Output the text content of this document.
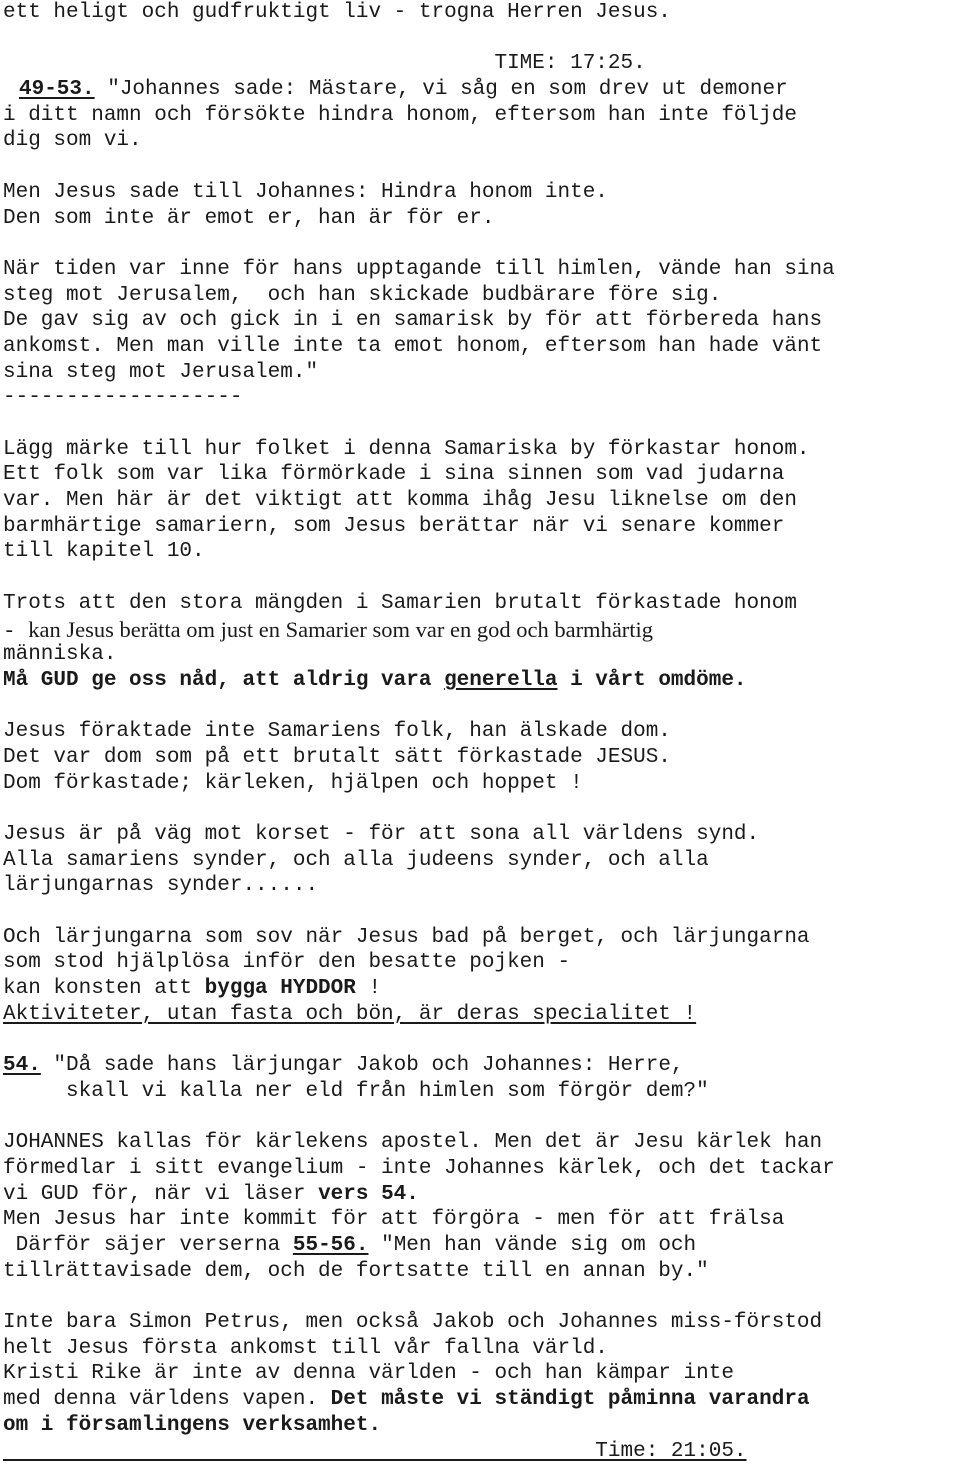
ett heligt och gudfruktigt liv - trogna Herren Jesus.
TIME: 17:25.
49-53. "Johannes sade: Mästare, vi såg en som drev ut demoner
i ditt namn och försökte hindra honom, eftersom han inte följde
dig som vi.
Men Jesus sade till Johannes: Hindra honom inte.
Den som inte är emot er, han är för er.
När tiden var inne för hans upptagande till himlen, vände han sina
steg mot Jerusalem,  och han skickade budbärare före sig.
De gav sig av och gick in i en samarisk by för att förbereda hans
ankomst. Men man ville inte ta emot honom, eftersom han hade vänt
sina steg mot Jerusalem."
-------------------
Lägg märke till hur folket i denna Samariska by förkastar honom.
Ett folk som var lika förmörkade i sina sinnen som vad judarna
var. Men här är det viktigt att komma ihåg Jesu liknelse om den
barmhärtige samariern, som Jesus berättar när vi senare kommer
till kapitel 10.
Trots att den stora mängden i Samarien brutalt förkastade honom
- kan Jesus berätta om just en Samarier som var en god och barmhärtig
människa.
Må GUD ge oss nåd, att aldrig vara generella i vårt omdöme.
Jesus föraktade inte Samariens folk, han älskade dom.
Det var dom som på ett brutalt sätt förkastade JESUS.
Dom förkastade; kärleken, hjälpen och hoppet !
Jesus är på väg mot korset - för att sona all världens synd.
Alla samariens synder, och alla judeens synder, och alla
lärjungarnas synder......
Och lärjungarna som sov när Jesus bad på berget, och lärjungarna
som stod hjälplösa inför den besatte pojken -
kan konsten att bygga HYDDOR !
Aktiviteter, utan fasta och bön, är deras specialitet !
54. "Då sade hans lärjungar Jakob och Johannes: Herre,
skall vi kalla ner eld från himlen som förgör dem?"
JOHANNES kallas för kärlekens apostel. Men det är Jesu kärlek han
förmedlar i sitt evangelium - inte Johannes kärlek, och det tackar
vi GUD för, när vi läser vers 54.
Men Jesus har inte kommit för att förgöra - men för att frälsa
Därför säjer verserna 55-56. "Men han vände sig om och
tillrättavisade dem, och de fortsatte till en annan by."
Inte bara Simon Petrus, men också Jakob och Johannes miss-förstod
helt Jesus första ankomst till vår fallna värld.
Kristi Rike är inte av denna världen - och han kämpar inte
med denna världens vapen. Det måste vi ständigt påminna varandra
om i församlingens verksamhet.
Time: 21:05.
